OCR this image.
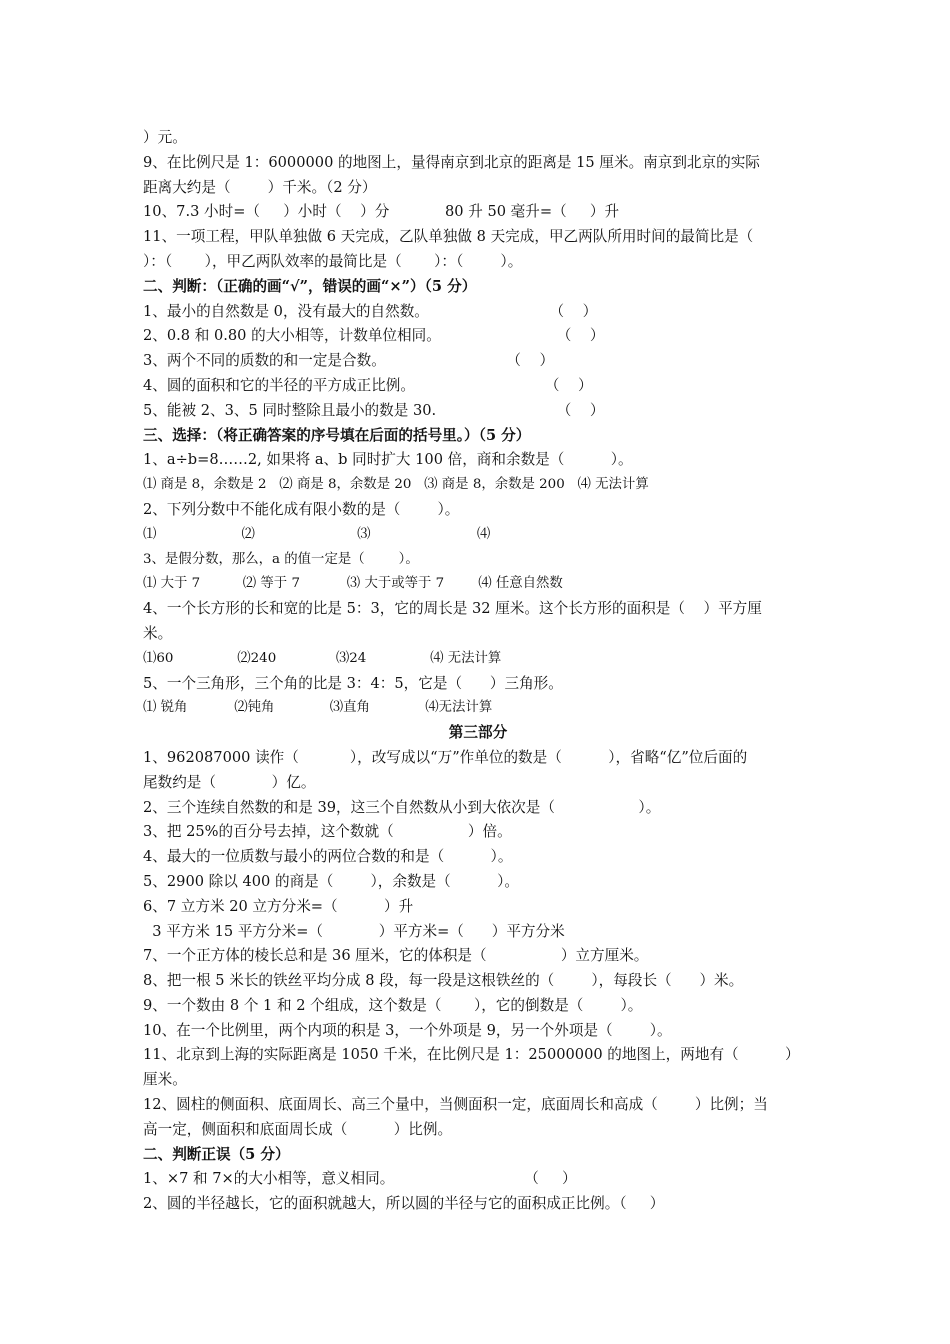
）元。
9、在比例尺是 1：6000000 的地图上，量得南京到北京的距离是 15 厘米。南京到北京的实际
距离大约是（        ）千米。（2 分）
10、7.3 小时=（     ）小时（    ）分            80 升 50 毫升=（     ）升
11、一项工程，甲队单独做 6 天完成，乙队单独做 8 天完成，甲乙两队所用时间的最简比是（
）：（       ），甲乙两队效率的最简比是（       ）：（        ）。
二、判断：（正确的画“√”，错误的画“×”）（5 分）
1、最小的自然数是 0，没有最大的自然数。                          （    ）
2、0.8 和 0.80 的大小相等，计数单位相同。                         （    ）
3、两个不同的质数的和一定是合数。                          （    ）
4、圆的面积和它的半径的平方成正比例。                            （    ）
5、能被 2、3、5 同时整除且最小的数是 30.                          （    ）
三、选择：（将正确答案的序号填在后面的括号里。）（5 分）
1、a÷b=8……2, 如果将 a、b 同时扩大 100 倍，商和余数是（          ）。
⑴ 商是 8，余数是 2   ⑵ 商是 8，余数是 20   ⑶ 商是 8，余数是 200   ⑷ 无法计算
2、下列分数中不能化成有限小数的是（        ）。
⑴                    ⑵                        ⑶                         ⑷
3、是假分数，那么，a 的值一定是（        ）。
⑴ 大于 7          ⑵ 等于 7           ⑶ 大于或等于 7        ⑷ 任意自然数
4、一个长方形的长和宽的比是 5：3，它的周长是 32 厘米。这个长方形的面积是（    ）平方厘
米。
⑴60               ⑵240              ⑶24               ⑷ 无法计算
5、一个三角形，三个角的比是 3：4：5，它是（      ）三角形。
⑴ 锐角           ⑵钝角             ⑶直角             ⑷无法计算
第三部分
1、962087000 读作（           ），改写成以“万”作单位的数是（          ），省略“亿”位后面的
尾数约是（            ）亿。
2、三个连续自然数的和是 39，这三个自然数从小到大依次是（                  ）。
3、把 25%的百分号去掉，这个数就（                ）倍。
4、最大的一位质数与最小的两位合数的和是（          ）。
5、2900 除以 400 的商是（        ），余数是（          ）。
6、7 立方米 20 立方分米=（          ）升
3 平方米 15 平方分米=（            ）平方米=（      ）平方分米
7、一个正方体的棱长总和是 36 厘米，它的体积是（                ）立方厘米。
8、把一根 5 米长的铁丝平均分成 8 段，每一段是这根铁丝的（        ），每段长（      ）米。
9、一个数由 8 个 1 和 2 个组成，这个数是（       ），它的倒数是（        ）。
10、在一个比例里，两个内项的积是 3，一个外项是 9，另一个外项是（        ）。
11、北京到上海的实际距离是 1050 千米，在比例尺是 1：25000000 的地图上，两地有（          ）
厘米。
12、圆柱的侧面积、底面周长、高三个量中，当侧面积一定，底面周长和高成（        ）比例；当
高一定，侧面积和底面周长成（          ）比例。
二、判断正误（5 分）
1、×7 和 7×的大小相等，意义相同。                            （     ）
2、圆的半径越长，它的面积就越大，所以圆的半径与它的面积成正比例。（     ）
